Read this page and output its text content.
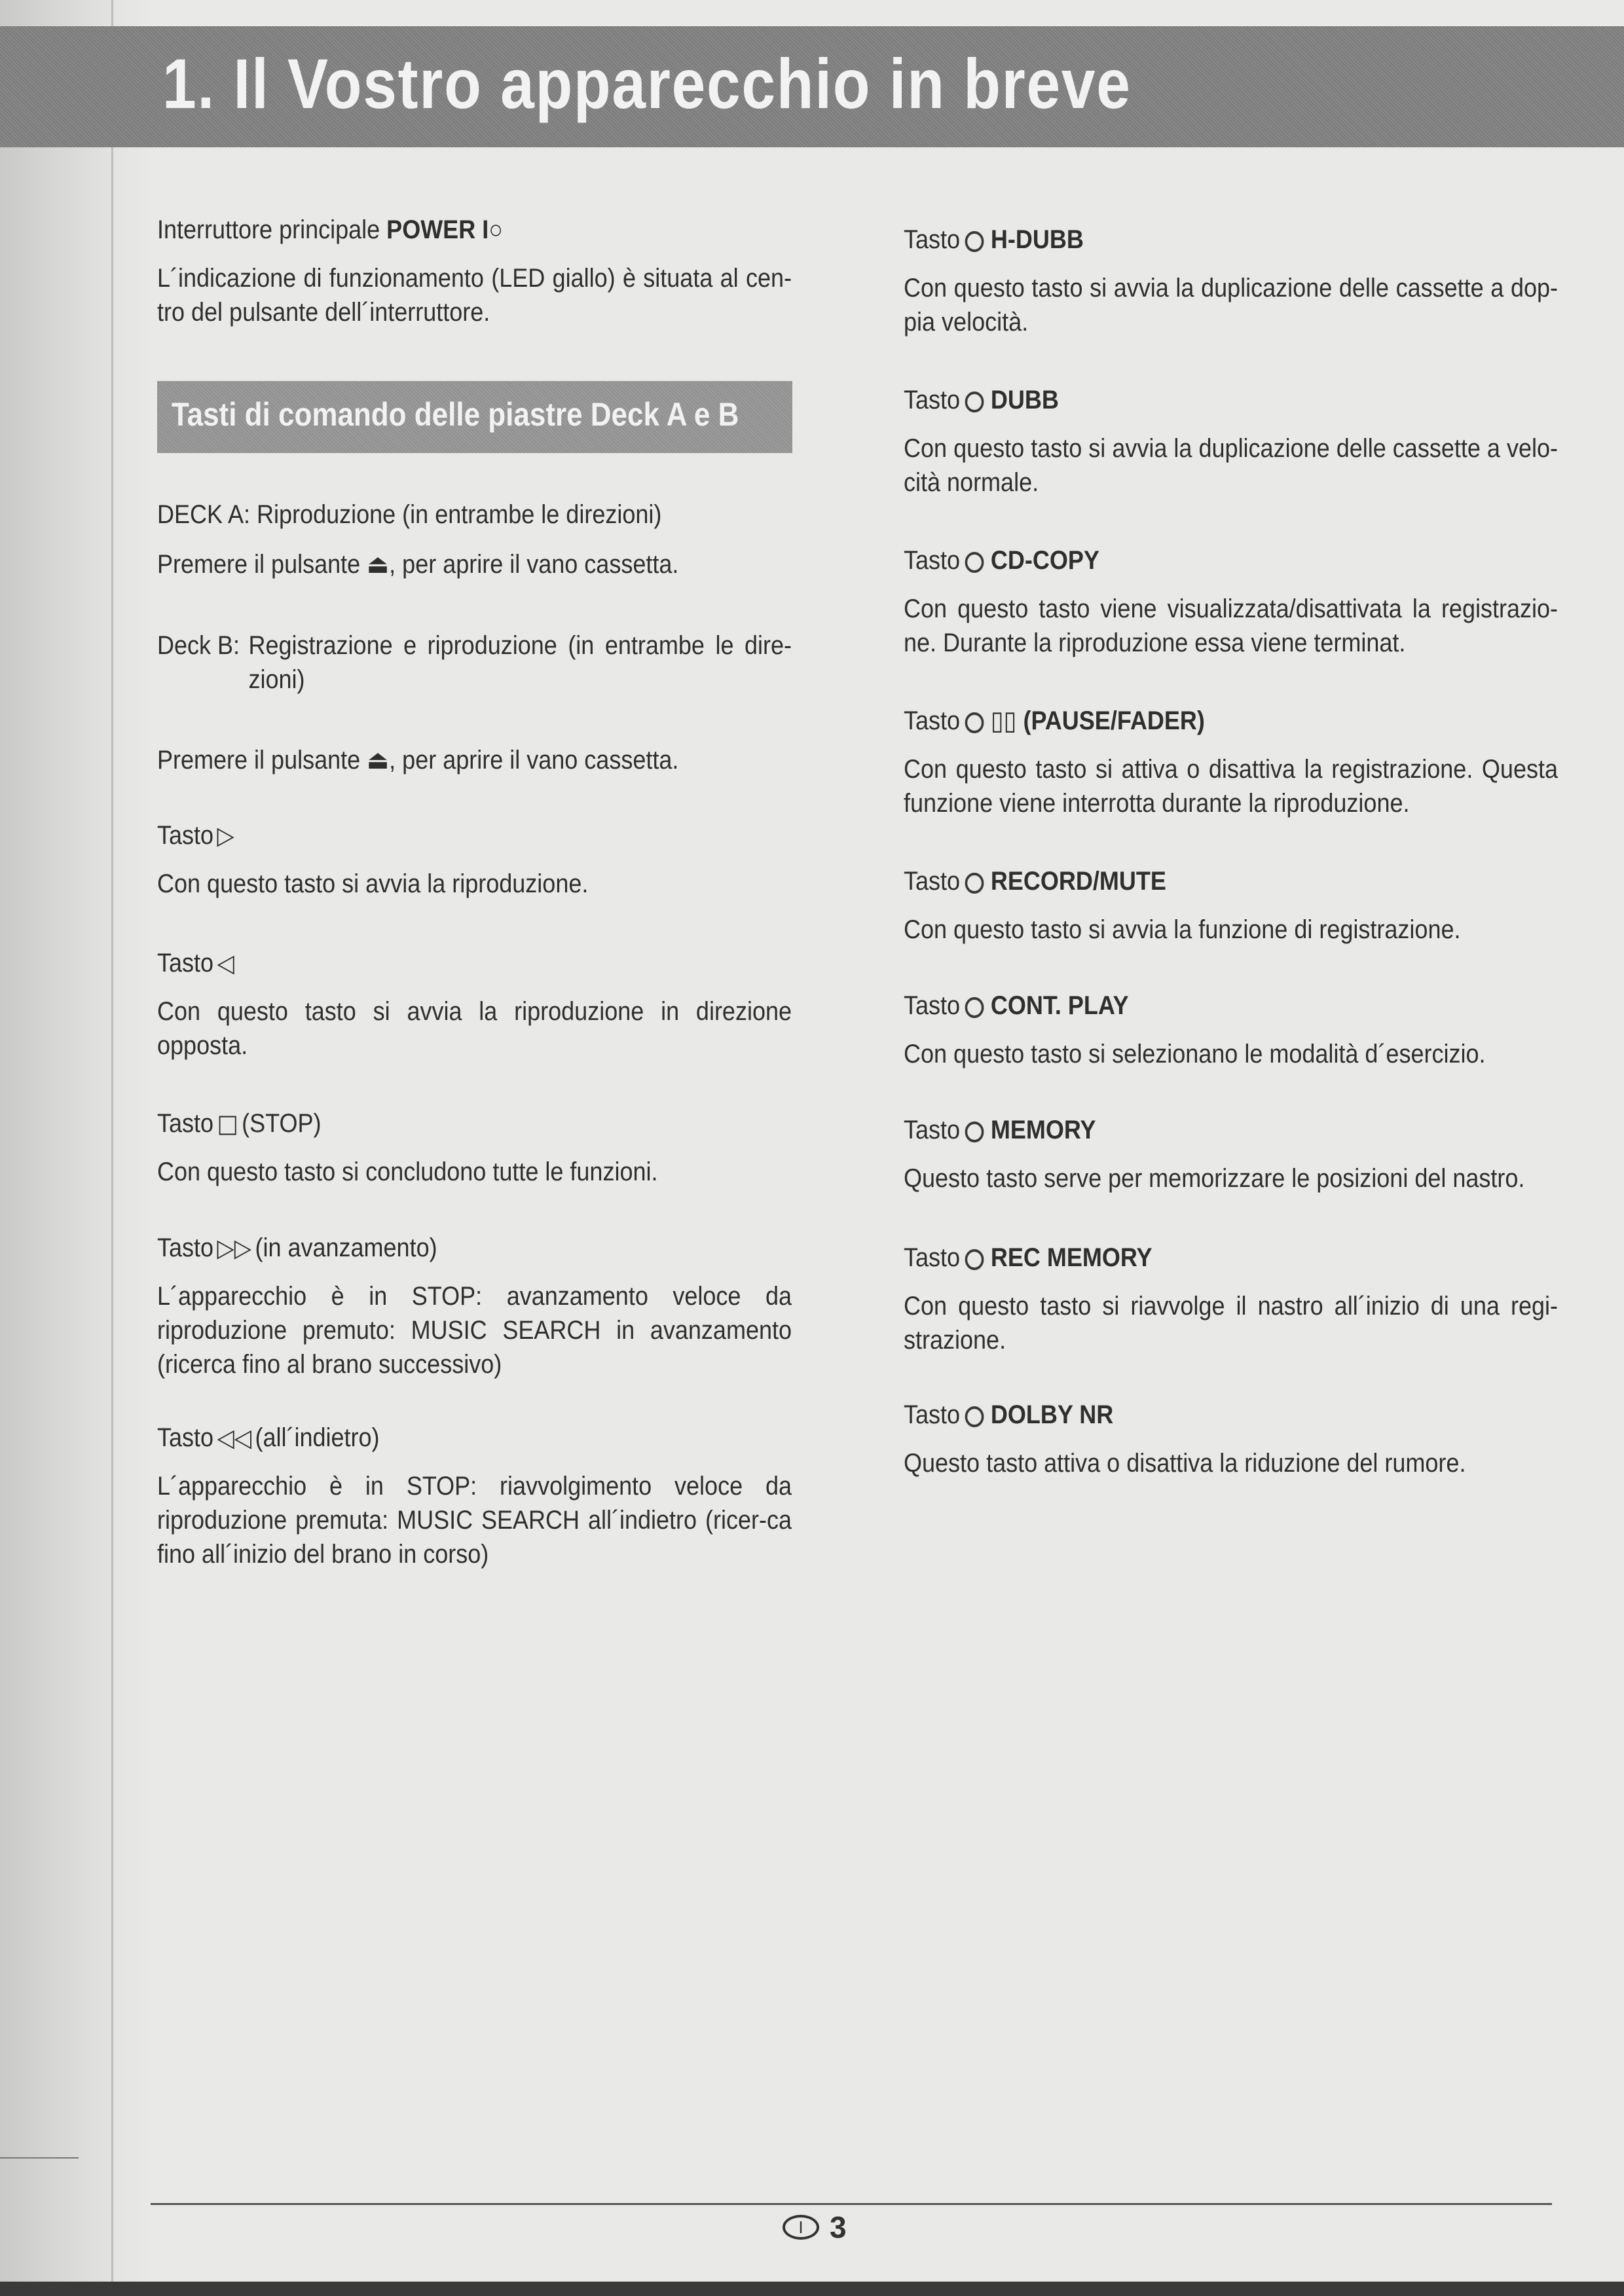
1. Il Vostro apparecchio in breve

Interruttore principale POWER I○

L´indicazione di funzionamento (LED giallo) è situata al cen-tro del pulsante dell´interruttore.

DECK A: Riproduzione (in entrambe le direzioni)

Premere il pulsante ⏏, per aprire il vano cassetta.

Deck B: Registrazione e riproduzione (in entrambe le dire-zioni)

Premere il pulsante ⏏, per aprire il vano cassetta.

Tasto ▷

Con questo tasto si avvia la riproduzione.

Tasto ◁

Con questo tasto si avvia la riproduzione in direzione opposta.

Tasto □ (STOP)

Con questo tasto si concludono tutte le funzioni.

Tasto ▷▷ (in avanzamento)

L´apparecchio è in STOP: avanzamento veloce da riproduzione premuto: MUSIC SEARCH in avanzamento (ricerca fino al brano successivo)

Tasto ◁◁ (all´indietro)

L´apparecchio è in STOP: riavvolgimento veloce da riproduzione premuta: MUSIC SEARCH all´indietro (ricer-ca fino all´inizio del brano in corso)

Tasti di comando delle piastre Deck A e B

Tasto H-DUBB

Con questo tasto si avvia la duplicazione delle cassette a dop-pia velocità.

Tasto DUBB

Con questo tasto si avvia la duplicazione delle cassette a velo-cità normale.

Tasto CD-COPY

Con questo tasto viene visualizzata/disattivata la registrazio-ne. Durante la riproduzione essa viene terminat.

Tasto ▯▯ (PAUSE/FADER)

Con questo tasto si attiva o disattiva la registrazione. Questa funzione viene interrotta durante la riproduzione.

Tasto RECORD/MUTE

Con questo tasto si avvia la funzione di registrazione.

Tasto CONT. PLAY

Con questo tasto si selezionano le modalità d´esercizio.

Tasto MEMORY

Questo tasto serve per memorizzare le posizioni del nastro.

Tasto REC MEMORY

Con questo tasto si riavvolge il nastro all´inizio di una regi-strazione.

Tasto DOLBY NR

Questo tasto attiva o disattiva la riduzione del rumore.

I 3
